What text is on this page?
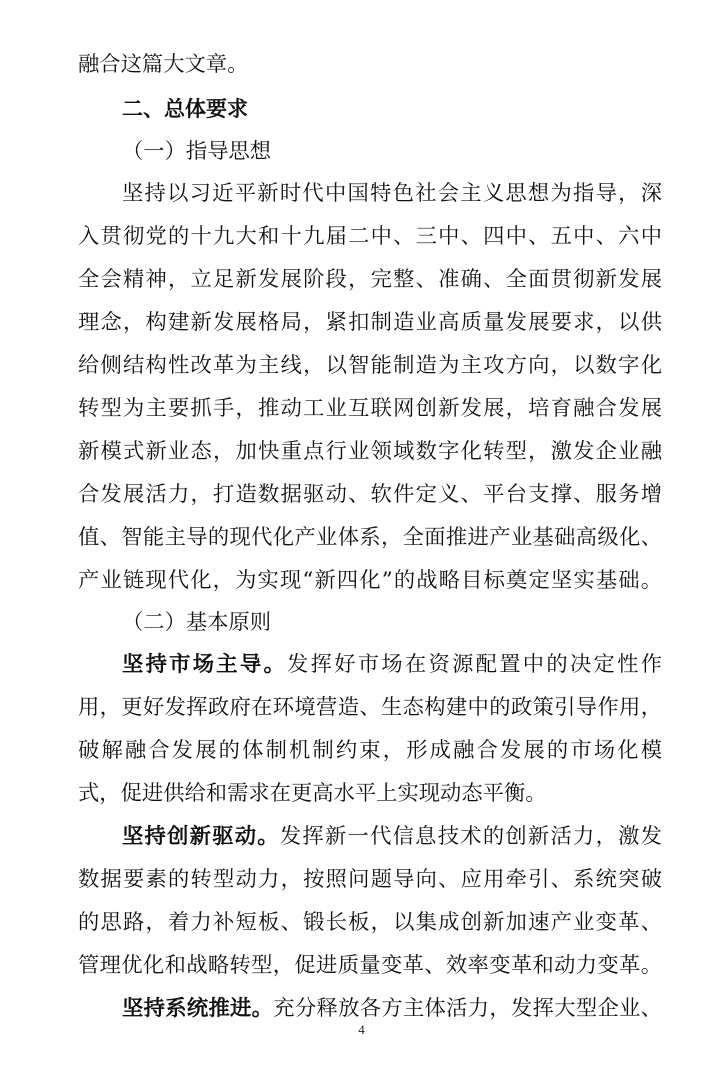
融合这篇大文章。
二、总体要求
（一）指导思想
坚持以习近平新时代中国特色社会主义思想为指导，深
入贯彻党的十九大和十九届二中、三中、四中、五中、六中
全会精神，立足新发展阶段，完整、准确、全面贯彻新发展
理念，构建新发展格局，紧扣制造业高质量发展要求，以供
给侧结构性改革为主线，以智能制造为主攻方向，以数字化
转型为主要抓手，推动工业互联网创新发展，培育融合发展
新模式新业态，加快重点行业领域数字化转型，激发企业融
合发展活力，打造数据驱动、软件定义、平台支撑、服务增
值、智能主导的现代化产业体系，全面推进产业基础高级化、
产业链现代化，为实现“新四化”的战略目标奠定坚实基础。
（二）基本原则
坚持市场主导。发挥好市场在资源配置中的决定性作
用，更好发挥政府在环境营造、生态构建中的政策引导作用，
破解融合发展的体制机制约束，形成融合发展的市场化模
式，促进供给和需求在更高水平上实现动态平衡。
坚持创新驱动。发挥新一代信息技术的创新活力，激发
数据要素的转型动力，按照问题导向、应用牵引、系统突破
的思路，着力补短板、锻长板，以集成创新加速产业变革、
管理优化和战略转型，促进质量变革、效率变革和动力变革。
坚持系统推进。充分释放各方主体活力，发挥大型企业、
4
